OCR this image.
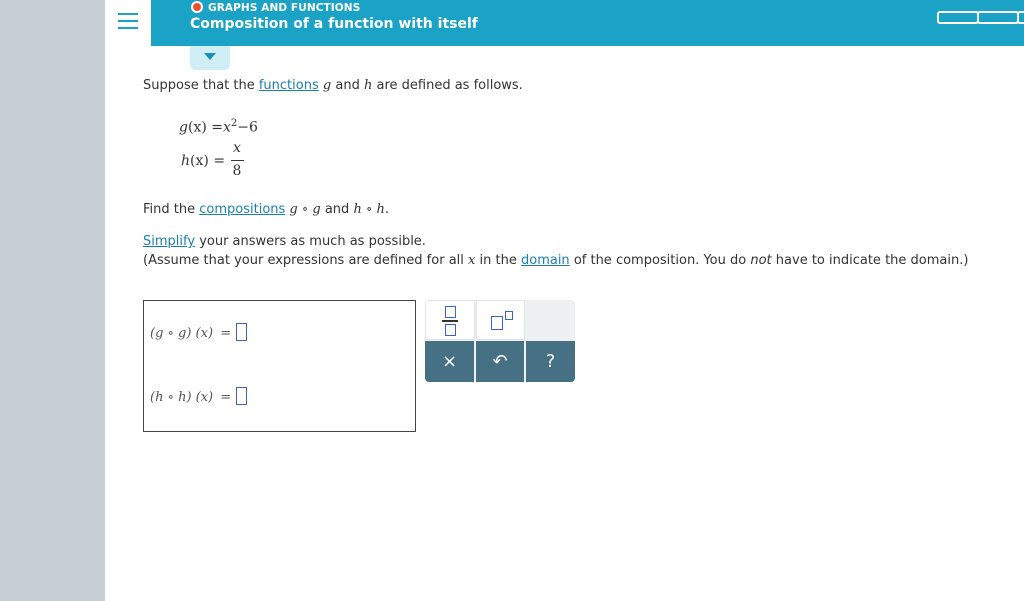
GRAPHS AND FUNCTIONS
Composition of a function with itself
Suppose that the functions g and h are defined as follows.
$g(x) =x^2-6$
h(x) =
x
8
Find the compositions g ∘ g and h ∘ h.
Simplify your answers as much as possible.
(Assume that your expressions are defined for all x in the domain of the composition. You do not have to indicate the domain.)
(g ∘ g) (x) =
(h ∘ h) (x) =
×	↶	?
